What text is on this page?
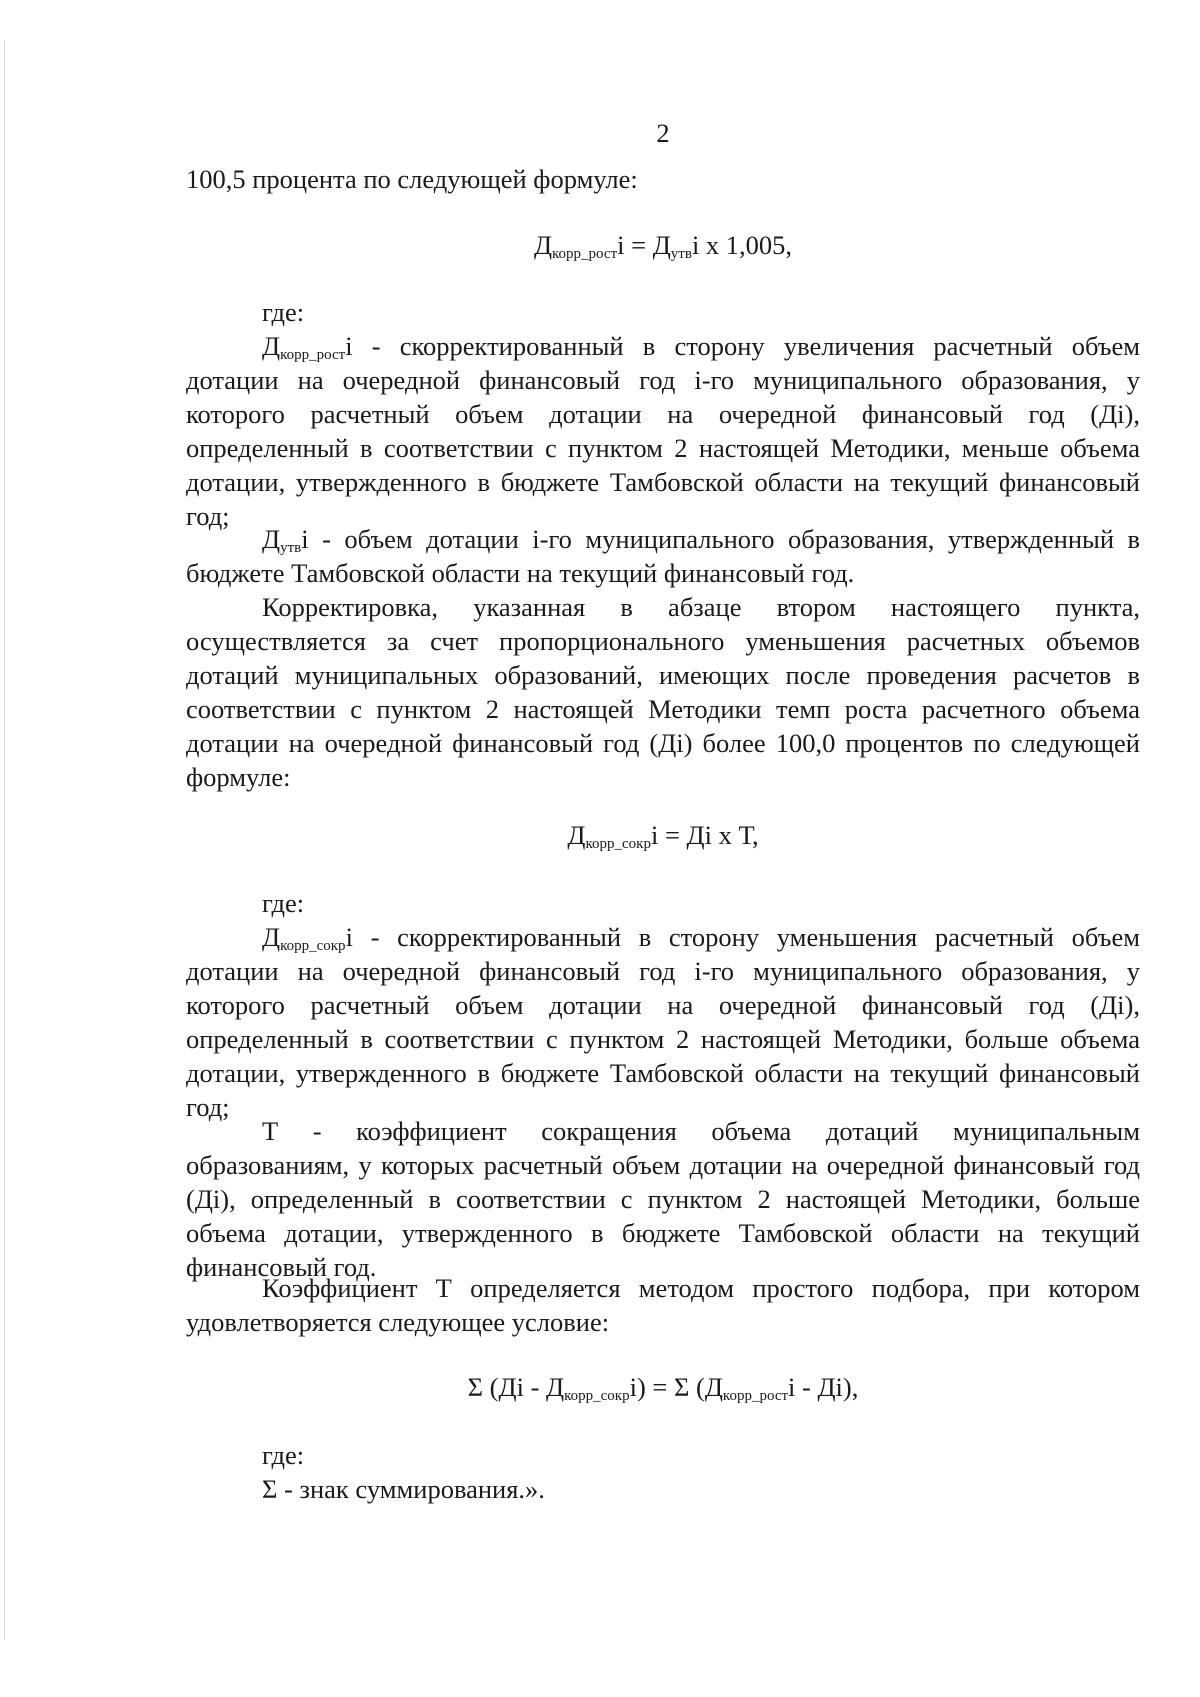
2

100,5 процента по следующей формуле:

$Д_{корр\_рост}i = Д_{утв}i$ х 1,005,

где:

$Д_{корр\_рост}i$ - скорректированный в сторону увеличения расчетный объем дотации на очередной финансовый год i-го муниципального образования, у которого расчетный объем дотации на очередной финансовый год (Дi), определенный в соответствии с пунктом 2 настоящей Методики, меньше объема дотации, утвержденного в бюджете Тамбовской области на текущий финансовый год;

$Д_{утв}i$ - объем дотации i-го муниципального образования, утвержденный в бюджете Тамбовской области на текущий финансовый год.

Корректировка, указанная в абзаце втором настоящего пункта, осуществляется за счет пропорционального уменьшения расчетных объемов дотаций муниципальных образований, имеющих после проведения расчетов в соответствии с пунктом 2 настоящей Методики темп роста расчетного объема дотации на очередной финансовый год (Дi) более 100,0 процентов по следующей формуле:

$Д_{корр\_сокр}i$ = Дi х Т,

где:

$Д_{корр\_сокр}i$ - скорректированный в сторону уменьшения расчетный объем дотации на очередной финансовый год i-го муниципального образования, у которого расчетный объем дотации на очередной финансовый год (Дi), определенный в соответствии с пунктом 2 настоящей Методики, больше объема дотации, утвержденного в бюджете Тамбовской области на текущий финансовый год;

Т - коэффициент сокращения объема дотаций муниципальным образованиям, у которых расчетный объем дотации на очередной финансовый год (Дi), определенный в соответствии с пунктом 2 настоящей Методики, больше объема дотации, утвержденного в бюджете Тамбовской области на текущий финансовый год.

Коэффициент Т определяется методом простого подбора, при котором удовлетворяется следующее условие:

Σ $(Дi - Д_{корр\_сокр}i) = \Sigma$ $(Д_{корр\_рост}i - Дi)$,

где:

Σ - знак суммирования.».
